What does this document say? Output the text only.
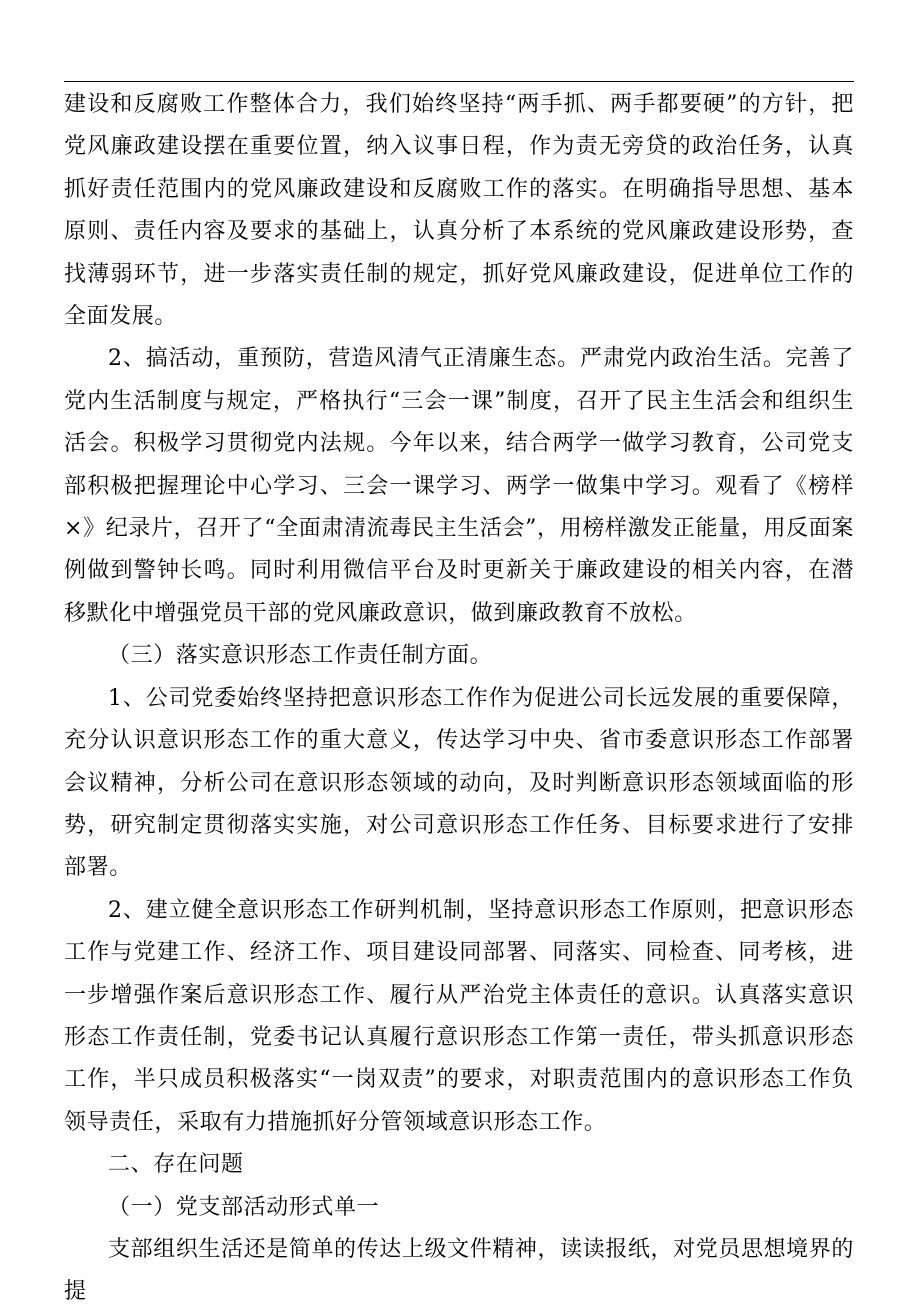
建设和反腐败工作整体合力，我们始终坚持“两手抓、两手都要硬”的方针，把党风廉政建设摆在重要位置，纳入议事日程，作为责无旁贷的政治任务，认真抓好责任范围内的党风廉政建设和反腐败工作的落实。在明确指导思想、基本原则、责任内容及要求的基础上，认真分析了本系统的党风廉政建设形势，查找薄弱环节，进一步落实责任制的规定，抓好党风廉政建设，促进单位工作的全面发展。

2、搞活动，重预防，营造风清气正清廉生态。严肃党内政治生活。完善了党内生活制度与规定，严格执行“三会一课”制度，召开了民主生活会和组织生活会。积极学习贯彻党内法规。今年以来，结合两学一做学习教育，公司党支部积极把握理论中心学习、三会一课学习、两学一做集中学习。观看了《榜样×》纪录片，召开了“全面肃清流毒民主生活会”，用榜样激发正能量，用反面案例做到警钟长鸣。同时利用微信平台及时更新关于廉政建设的相关内容，在潜移默化中增强党员干部的党风廉政意识，做到廉政教育不放松。

（三）落实意识形态工作责任制方面。

1、公司党委始终坚持把意识形态工作作为促进公司长远发展的重要保障，充分认识意识形态工作的重大意义，传达学习中央、省市委意识形态工作部署会议精神，分析公司在意识形态领域的动向，及时判断意识形态领域面临的形势，研究制定贯彻落实实施，对公司意识形态工作任务、目标要求进行了安排部署。

2、建立健全意识形态工作研判机制，坚持意识形态工作原则，把意识形态工作与党建工作、经济工作、项目建设同部署、同落实、同检查、同考核，进一步增强作案后意识形态工作、履行从严治党主体责任的意识。认真落实意识形态工作责任制，党委书记认真履行意识形态工作第一责任，带头抓意识形态工作，半只成员积极落实“一岗双责”的要求，对职责范围内的意识形态工作负领导责任，采取有力措施抓好分管领域意识形态工作。

二、存在问题

（一）党支部活动形式单一

支部组织生活还是简单的传达上级文件精神，读读报纸，对党员思想境界的提
